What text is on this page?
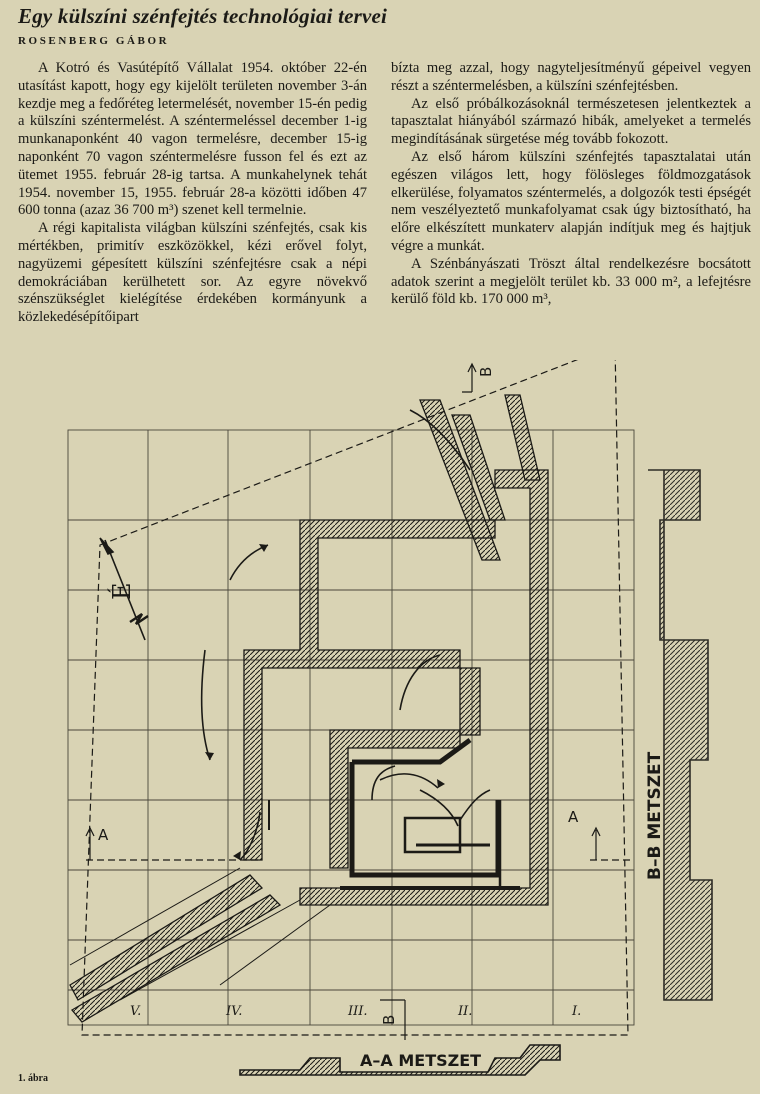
Egy külszíni szénfejtés technológiai tervei
ROSENBERG GÁBOR

A Kotró és Vasútépítő Vállalat 1954. október 22-én utasítást kapott, hogy egy kijelölt területen november 3-án kezdje meg a fedőréteg letermelését, november 15-én pedig a külszíni széntermelést. A széntermeléssel december 1-ig munkanaponként 40 vagon termelésre, december 15-ig naponként 70 vagon széntermelésre fusson fel és ezt az ütemet 1955. február 28-ig tartsa. A munkahelynek tehát 1954. november 15, 1955. február 28-a közötti időben 47 600 tonna (azaz 36 700 m³) szenet kell termelnie.

A régi kapitalista világban külszíni szénfejtés, csak kis mértékben, primitív eszközökkel, kézi erővel folyt, nagyüzemi gépesített külszíni szénfejtésre csak a népi demokráciában kerülhetett sor. Az egyre növekvő szénszükséglet kielégítése érdekében kormányunk a közlekedésépítőipart

bízta meg azzal, hogy nagyteljesítményű gépeivel vegyen részt a széntermelésben, a külszíni szénfejtésben.

Az első próbálkozásoknál természetesen jelentkeztek a tapasztalat hiányából származó hibák, amelyeket a termelés megindításának sürgetése még tovább fokozott.

Az első három külszíni szénfejtés tapasztalatai után egészen világos lett, hogy fölösleges földmozgatások elkerülése, folyamatos széntermelés, a dolgozók testi épségét nem veszélyeztető munkafolyamat csak úgy biztosítható, ha előre elkészített munkaterv alapján indítjuk meg és hajtjuk végre a munkát.

A Szénbányászati Tröszt által rendelkezésre bocsátott adatok szerint a megjelölt terület kb. 33 000 m², a lefejtésre kerülő föld kb. 170 000 m³,

É
A
A
B
B
V.	IV.	III.	II.	I.
B–B METSZET
A–A METSZET
1. ábra
